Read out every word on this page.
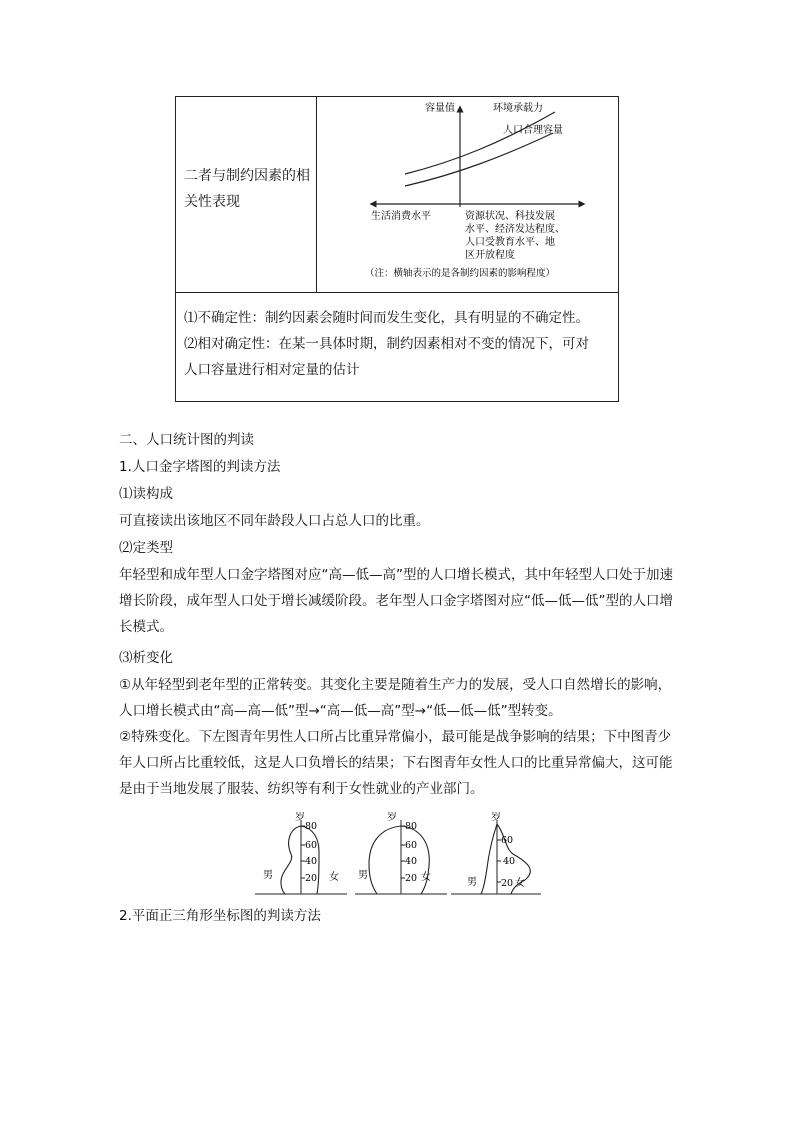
二者与制约因素的相关性表现
容量值	环境承载力
人口合理容量
生活消费水平	资源状况、科技发展
水平、经济发达程度、
人口受教育水平、地
区开放程度
（注：横轴表示的是各制约因素的影响程度）
⑴不确定性：制约因素会随时间而发生变化，具有明显的不确定性。
⑵相对确定性：在某一具体时期，制约因素相对不变的情况下，可对
人口容量进行相对定量的估计
二、人口统计图的判读
1.人口金字塔图的判读方法
⑴读构成
可直接读出该地区不同年龄段人口占总人口的比重。
⑵定类型
年轻型和成年型人口金字塔图对应“高—低—高”型的人口增长模式，其中年轻型人口处于加速增长阶段，成年型人口处于增长减缓阶段。老年型人口金字塔图对应“低—低—低”型的人口增长模式。
⑶析变化
①从年轻型到老年型的正常转变。其变化主要是随着生产力的发展，受人口自然增长的影响，人口增长模式由“高—高—低”型→“高—低—高”型→“低—低—低”型转变。
②特殊变化。下左图青年男性人口所占比重异常偏小，最可能是战争影响的结果；下中图青少年人口所占比重较低，这是人口负增长的结果；下右图青年女性人口的比重异常偏大，这可能是由于当地发展了服装、纺织等有利于女性就业的产业部门。
岁
80
60
40
20
男	女
岁
80
60
40
20
男	女
岁
60
40
20
男	女
2.平面正三角形坐标图的判读方法
